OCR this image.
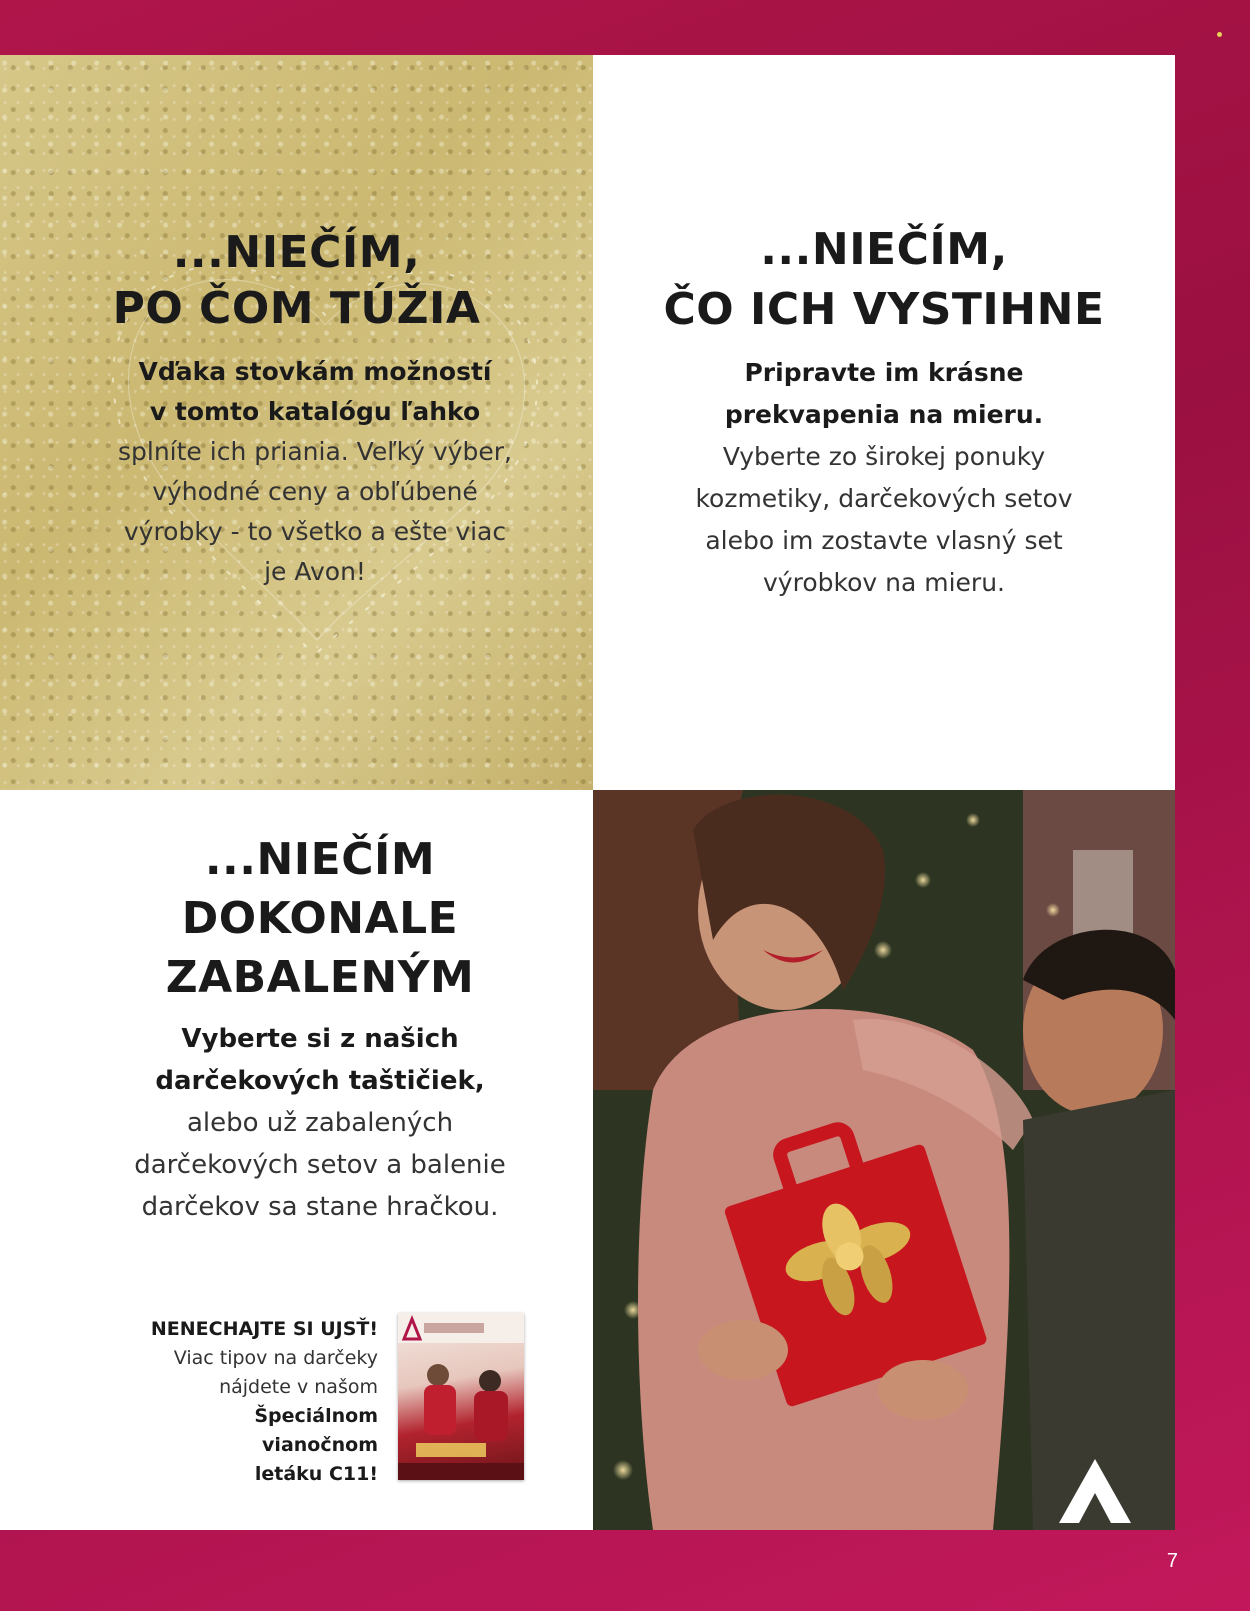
...NIEČÍM,

PO ČOM TÚŽIA

Vďaka stovkám možností

v tomto katalógu ľahko

splníte ich priania. Veľký výber,

výhodné ceny a obľúbené

výrobky - to všetko a ešte viac

je Avon!

...NIEČÍM,

ČO ICH VYSTIHNE

Pripravte im krásne

prekvapenia na mieru.

Vyberte zo širokej ponuky

kozmetiky, darčekových setov

alebo im zostavte vlasný set

výrobkov na mieru.

...NIEČÍM

DOKONALE

ZABALENÝM

Vyberte si z našich

darčekových taštičiek,

alebo už zabalených

darčekových setov a balenie

darčekov sa stane hračkou.

NENECHAJTE SI UJSŤ!
Viac tipov na darčeky
nájdete v našom
Špeciálnom
vianočnom
letáku C11!
7
